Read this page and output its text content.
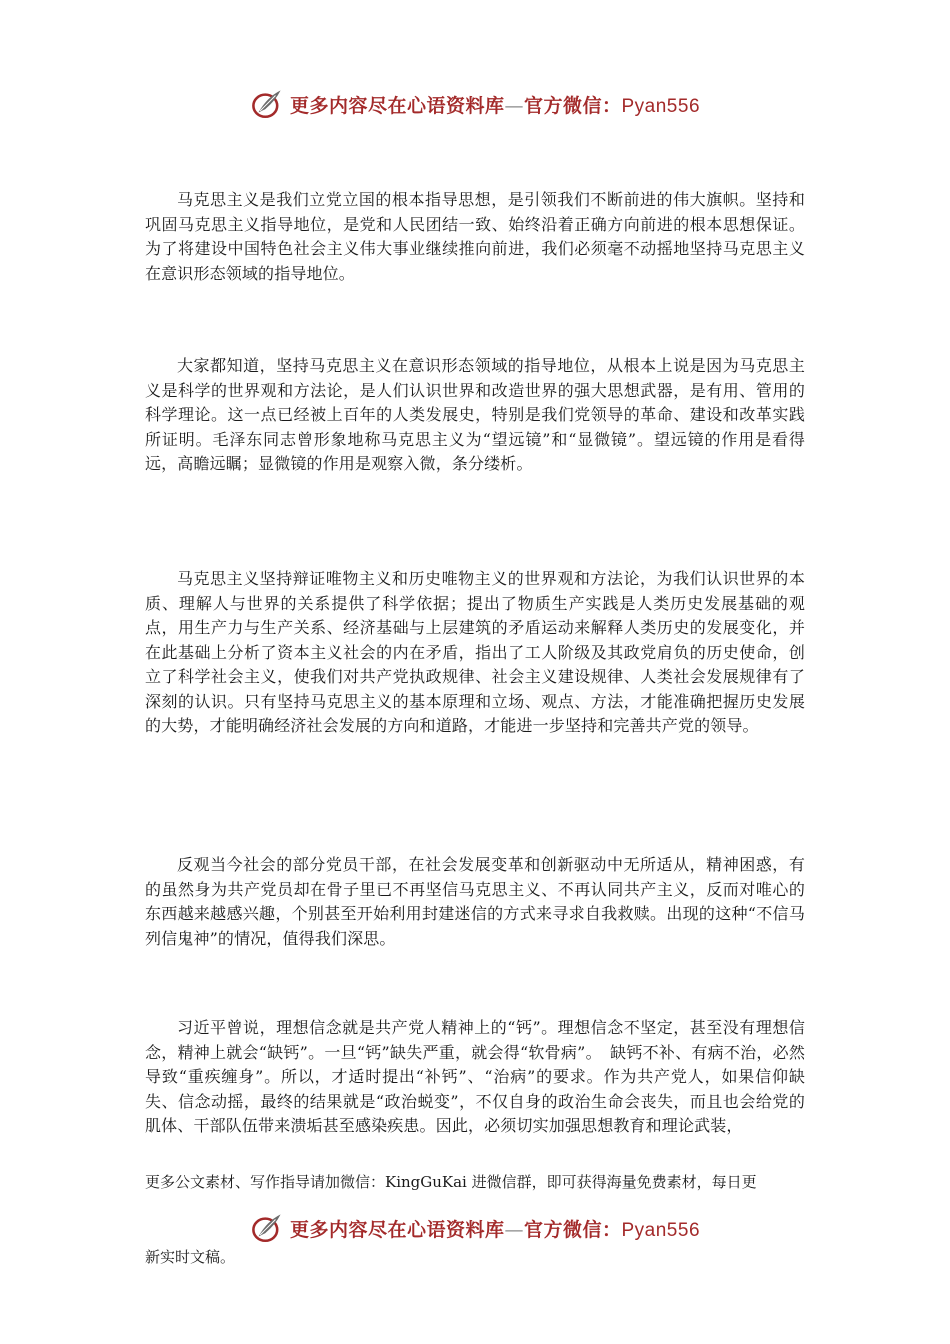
更多内容尽在心语资料库—官方微信：Pyan556

马克思主义是我们立党立国的根本指导思想，是引领我们不断前进的伟大旗帜。坚持和巩固马克思主义指导地位，是党和人民团结一致、始终沿着正确方向前进的根本思想保证。为了将建设中国特色社会主义伟大事业继续推向前进，我们必须毫不动摇地坚持马克思主义在意识形态领域的指导地位。

大家都知道，坚持马克思主义在意识形态领域的指导地位，从根本上说是因为马克思主义是科学的世界观和方法论，是人们认识世界和改造世界的强大思想武器，是有用、管用的科学理论。这一点已经被上百年的人类发展史，特别是我们党领导的革命、建设和改革实践所证明。毛泽东同志曾形象地称马克思主义为“望远镜”和“显微镜”。望远镜的作用是看得远，高瞻远瞩；显微镜的作用是观察入微，条分缕析。

马克思主义坚持辩证唯物主义和历史唯物主义的世界观和方法论，为我们认识世界的本质、理解人与世界的关系提供了科学依据；提出了物质生产实践是人类历史发展基础的观点，用生产力与生产关系、经济基础与上层建筑的矛盾运动来解释人类历史的发展变化，并在此基础上分析了资本主义社会的内在矛盾，指出了工人阶级及其政党肩负的历史使命，创立了科学社会主义，使我们对共产党执政规律、社会主义建设规律、人类社会发展规律有了深刻的认识。只有坚持马克思主义的基本原理和立场、观点、方法，才能准确把握历史发展的大势，才能明确经济社会发展的方向和道路，才能进一步坚持和完善共产党的领导。

反观当今社会的部分党员干部，在社会发展变革和创新驱动中无所适从，精神困惑，有的虽然身为共产党员却在骨子里已不再坚信马克思主义、不再认同共产主义，反而对唯心的东西越来越感兴趣，个别甚至开始利用封建迷信的方式来寻求自我救赎。出现的这种“不信马列信鬼神”的情况，值得我们深思。

习近平曾说，理想信念就是共产党人精神上的“钙”。理想信念不坚定，甚至没有理想信念，精神上就会“缺钙”。一旦“钙”缺失严重，就会得“软骨病”。　缺钙不补、有病不治，必然导致“重疾缠身”。所以，才适时提出“补钙”、“治病”的要求。作为共产党人，如果信仰缺失、信念动摇，最终的结果就是“政治蜕变”，不仅自身的政治生命会丧失，而且也会给党的肌体、干部队伍带来溃垢甚至感染疾患。因此，必须切实加强思想教育和理论武装，

更多公文素材、写作指导请加微信：KingGuKai 进微信群，即可获得海量免费素材，每日更

更多内容尽在心语资料库—官方微信：Pyan556

新实时文稿。
